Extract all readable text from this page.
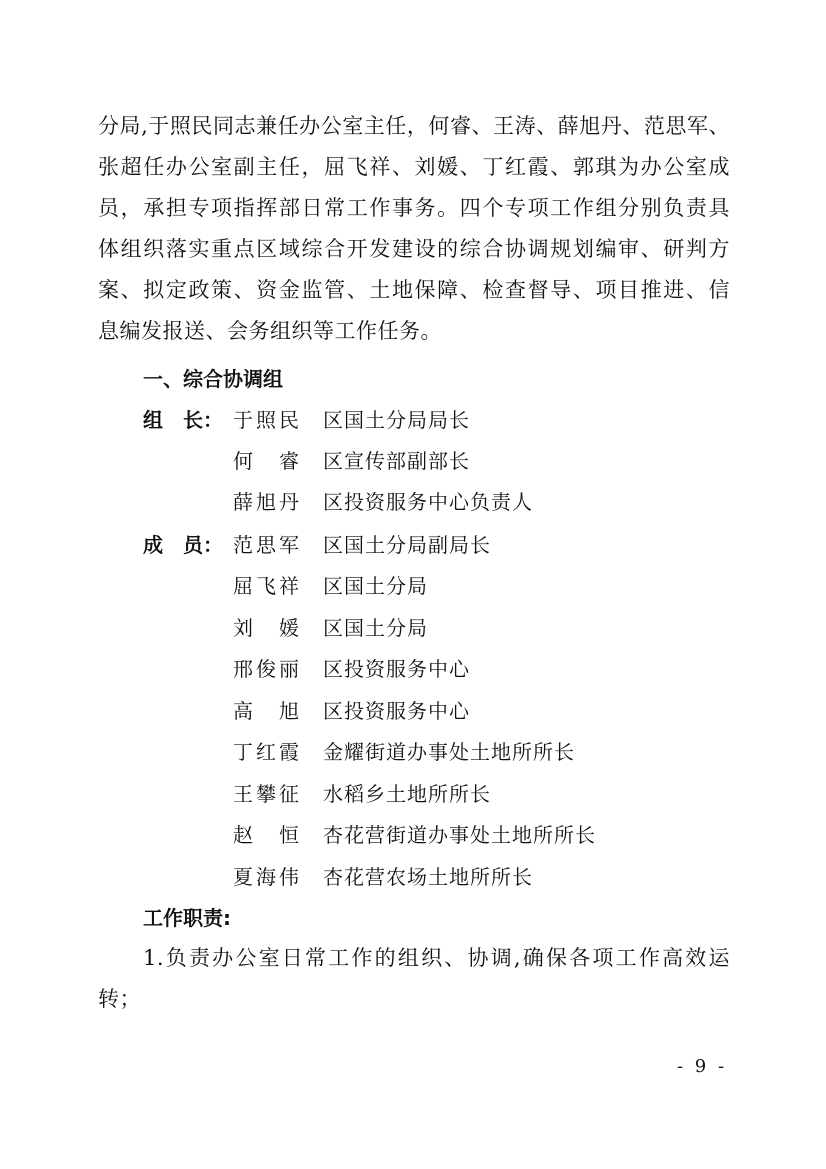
分局,于照民同志兼任办公室主任，何睿、王涛、薛旭丹、范思军、
张超任办公室副主任，屈飞祥、刘媛、丁红霞、郭琪为办公室成
员，承担专项指挥部日常工作事务。四个专项工作组分别负责具
体组织落实重点区域综合开发建设的综合协调规划编审、研判方
案、拟定政策、资金监管、土地保障、检查督导、项目推进、信
息编发报送、会务组织等工作任务。
一、综合协调组
组　长： 于照民 区国土分局局长
何　睿 区宣传部副部长
薛旭丹 区投资服务中心负责人
成　员： 范思军 区国土分局副局长
屈飞祥 区国土分局
刘　媛 区国土分局
邢俊丽 区投资服务中心
高　旭 区投资服务中心
丁红霞 金耀街道办事处土地所所长
王攀征 水稻乡土地所所长
赵　恒 杏花营街道办事处土地所所长
夏海伟 杏花营农场土地所所长
工作职责:
1.负责办公室日常工作的组织、协调,确保各项工作高效运
转；
- 9 -
